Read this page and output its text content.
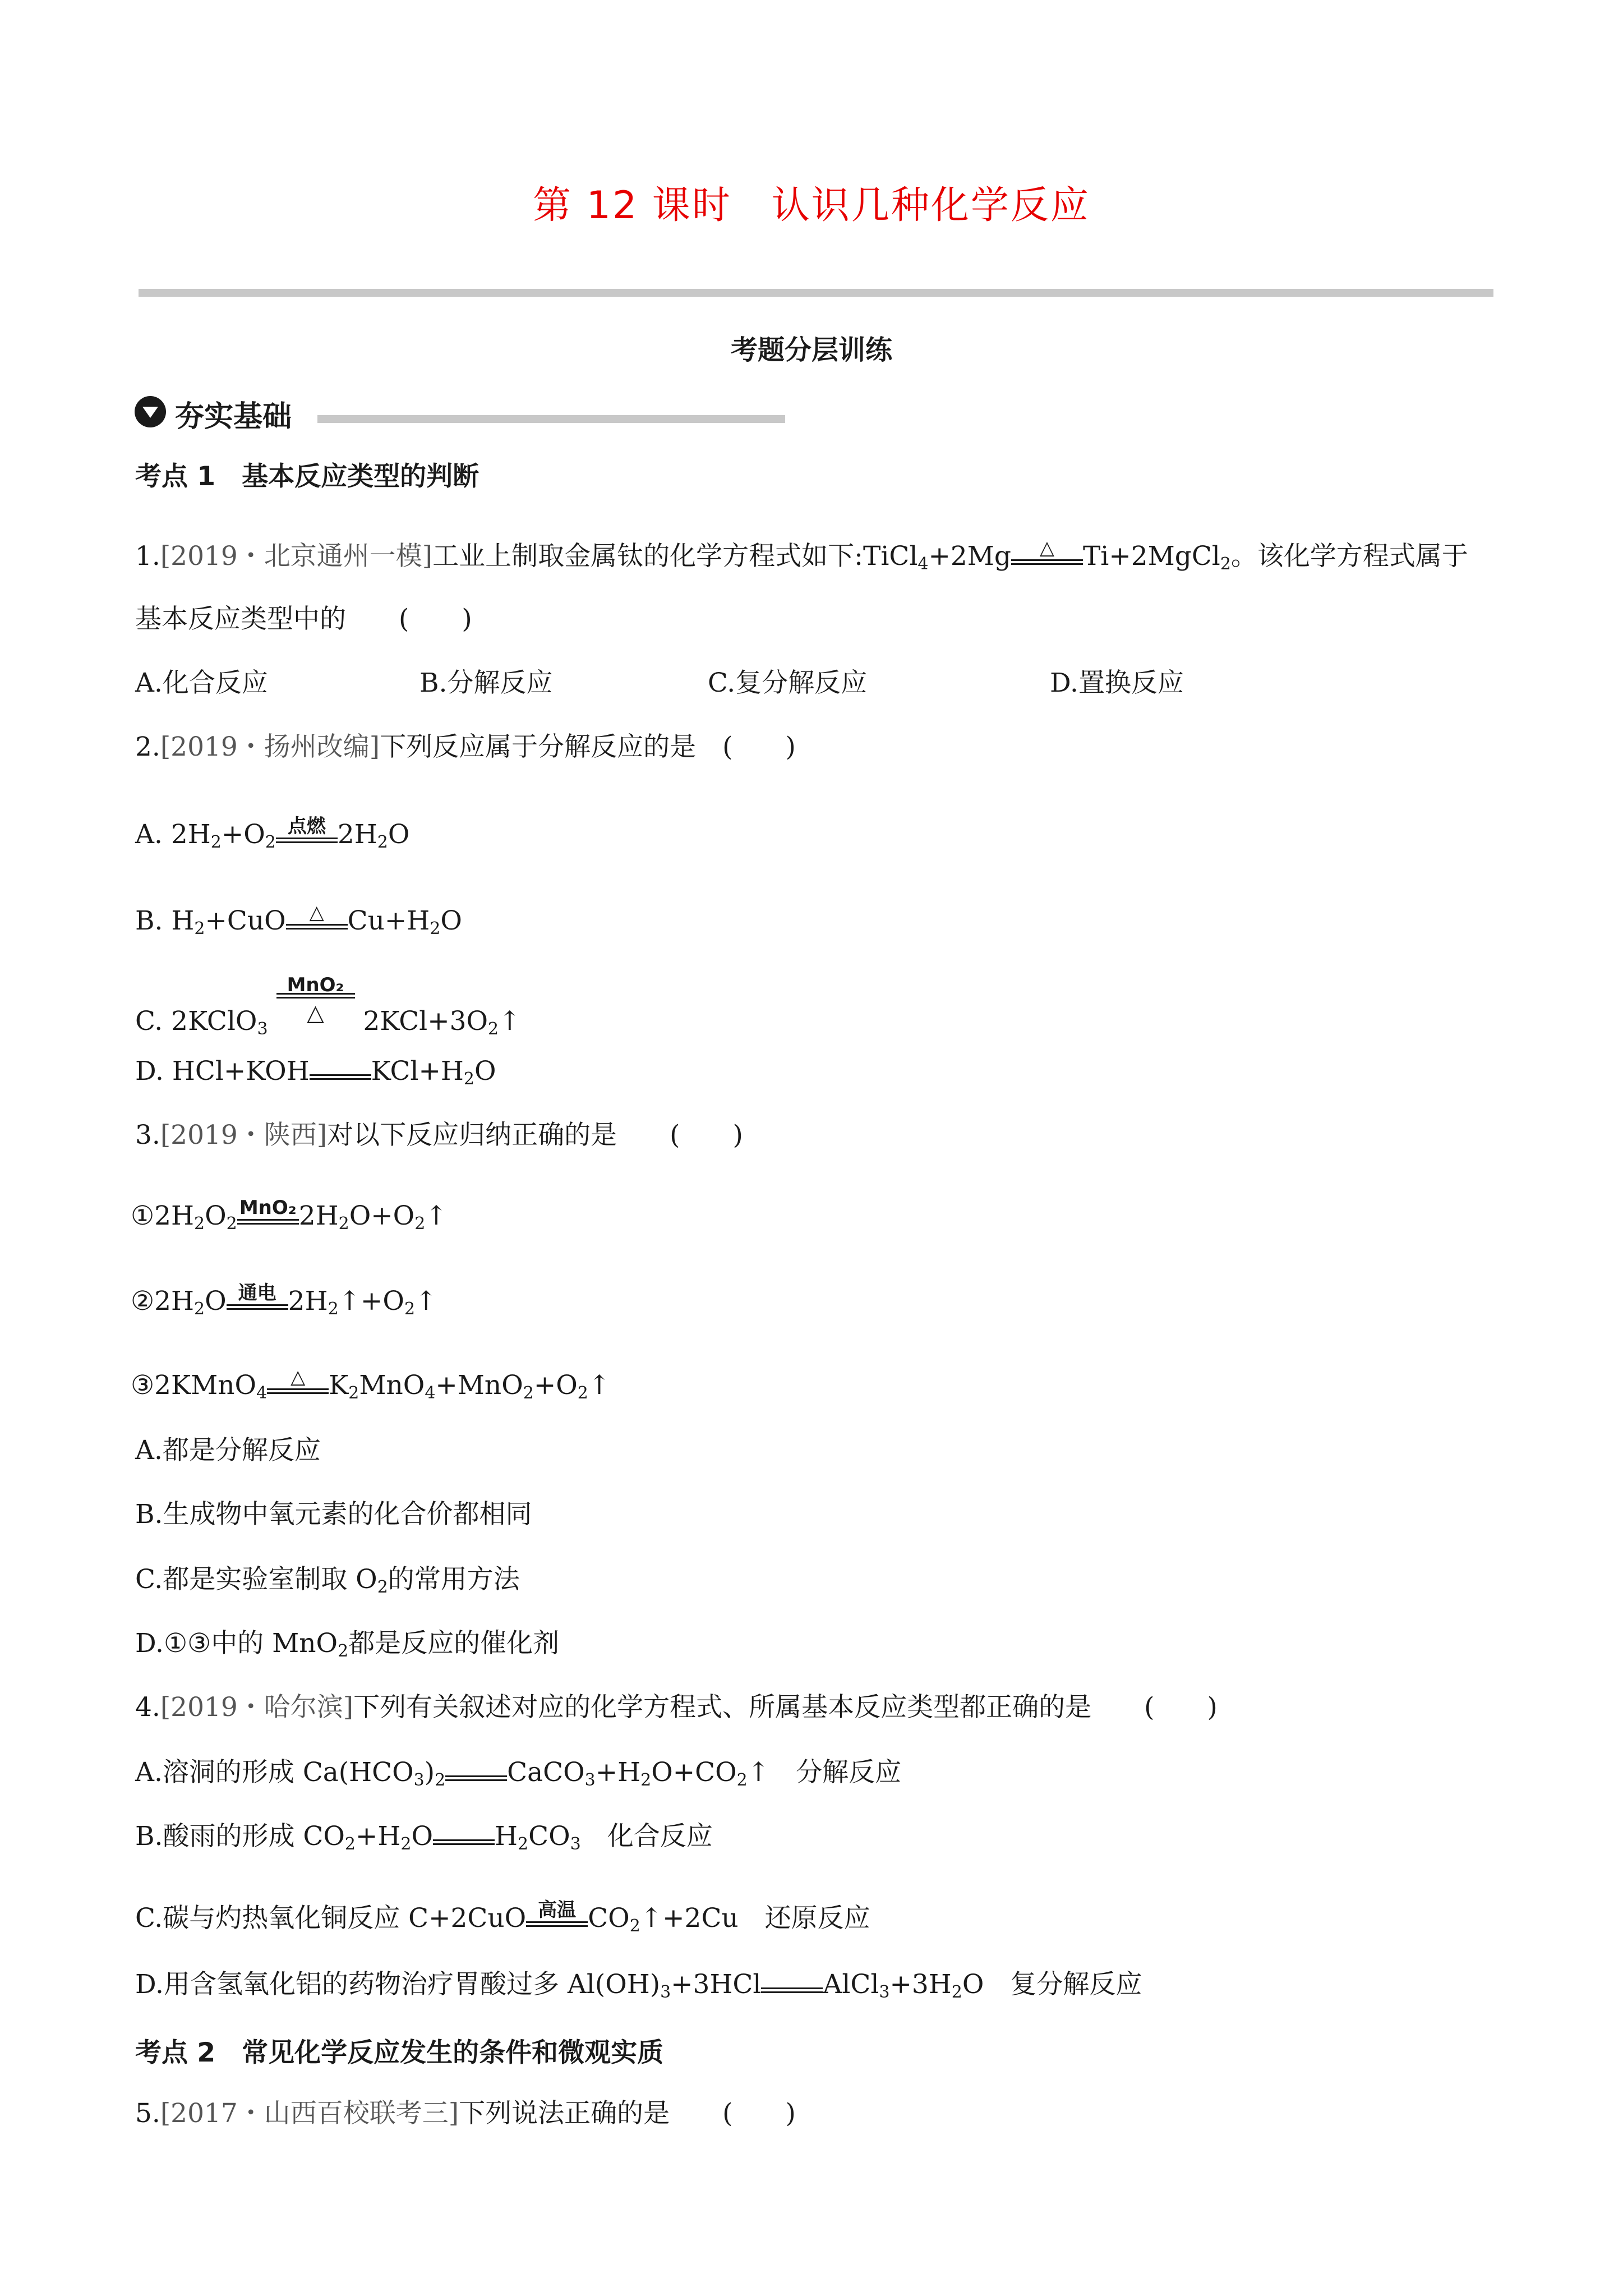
第 12 课时　认识几种化学反应
考题分层训练
夯实基础
考点 1　基本反应类型的判断
1.[2019・北京通州一模]工业上制取金属钛的化学方程式如下:TiCl$_4$+2Mg	△	Ti+2MgCl$_2$。该化学方程式属于
基本反应类型中的　　(　　)
A.化合反应	B.分解反应	C.复分解反应	D.置换反应
2.[2019・扬州改编]下列反应属于分解反应的是　(　　)
A. $2H_2+O_2$
点燃 $2H_2O$
B. $H_2+CuO$	△ $Cu+H_2O$
C. 2KClO$_3$
MnO₂
△	$2KCl+3O_2↑$
D. HCl+KOH $KCl+H_2O$
3.[2019・陕西]对以下反应归纳正确的是　　(　　)
$①2H_2O_2$
MnO₂ $2H_2O+O_2↑$
$②2H_2O$ 通电 $2H_2↑+O_2↑$
③2KMnO$_4$
△ $K_2MnO_4+MnO_2+O_2↑$
A.都是分解反应
B.生成物中氧元素的化合价都相同
C.都是实验室制取 $O_2$的常用方法
D.①③中的 MnO$_2$都是反应的催化剂
4.[2019・哈尔滨]下列有关叙述对应的化学方程式、所属基本反应类型都正确的是　　(　　)
A.溶洞的形成 $Ca(HCO_3)_2$ $CaCO_3+H_2O+CO_2↑$　分解反应
B.酸雨的形成 $CO_2+H_2O$ $H_2CO_3$　化合反应
C.碳与灼热氧化铜反应 C+2CuO 高温 $CO_2↑+2Cu$　还原反应
D.用含氢氧化铝的药物治疗胃酸过多 $Al(OH)_3+3HCl$ $AlCl_3+3H_2O$　复分解反应
考点 2　常见化学反应发生的条件和微观实质
5.[2017・山西百校联考三]下列说法正确的是　　(　　)
